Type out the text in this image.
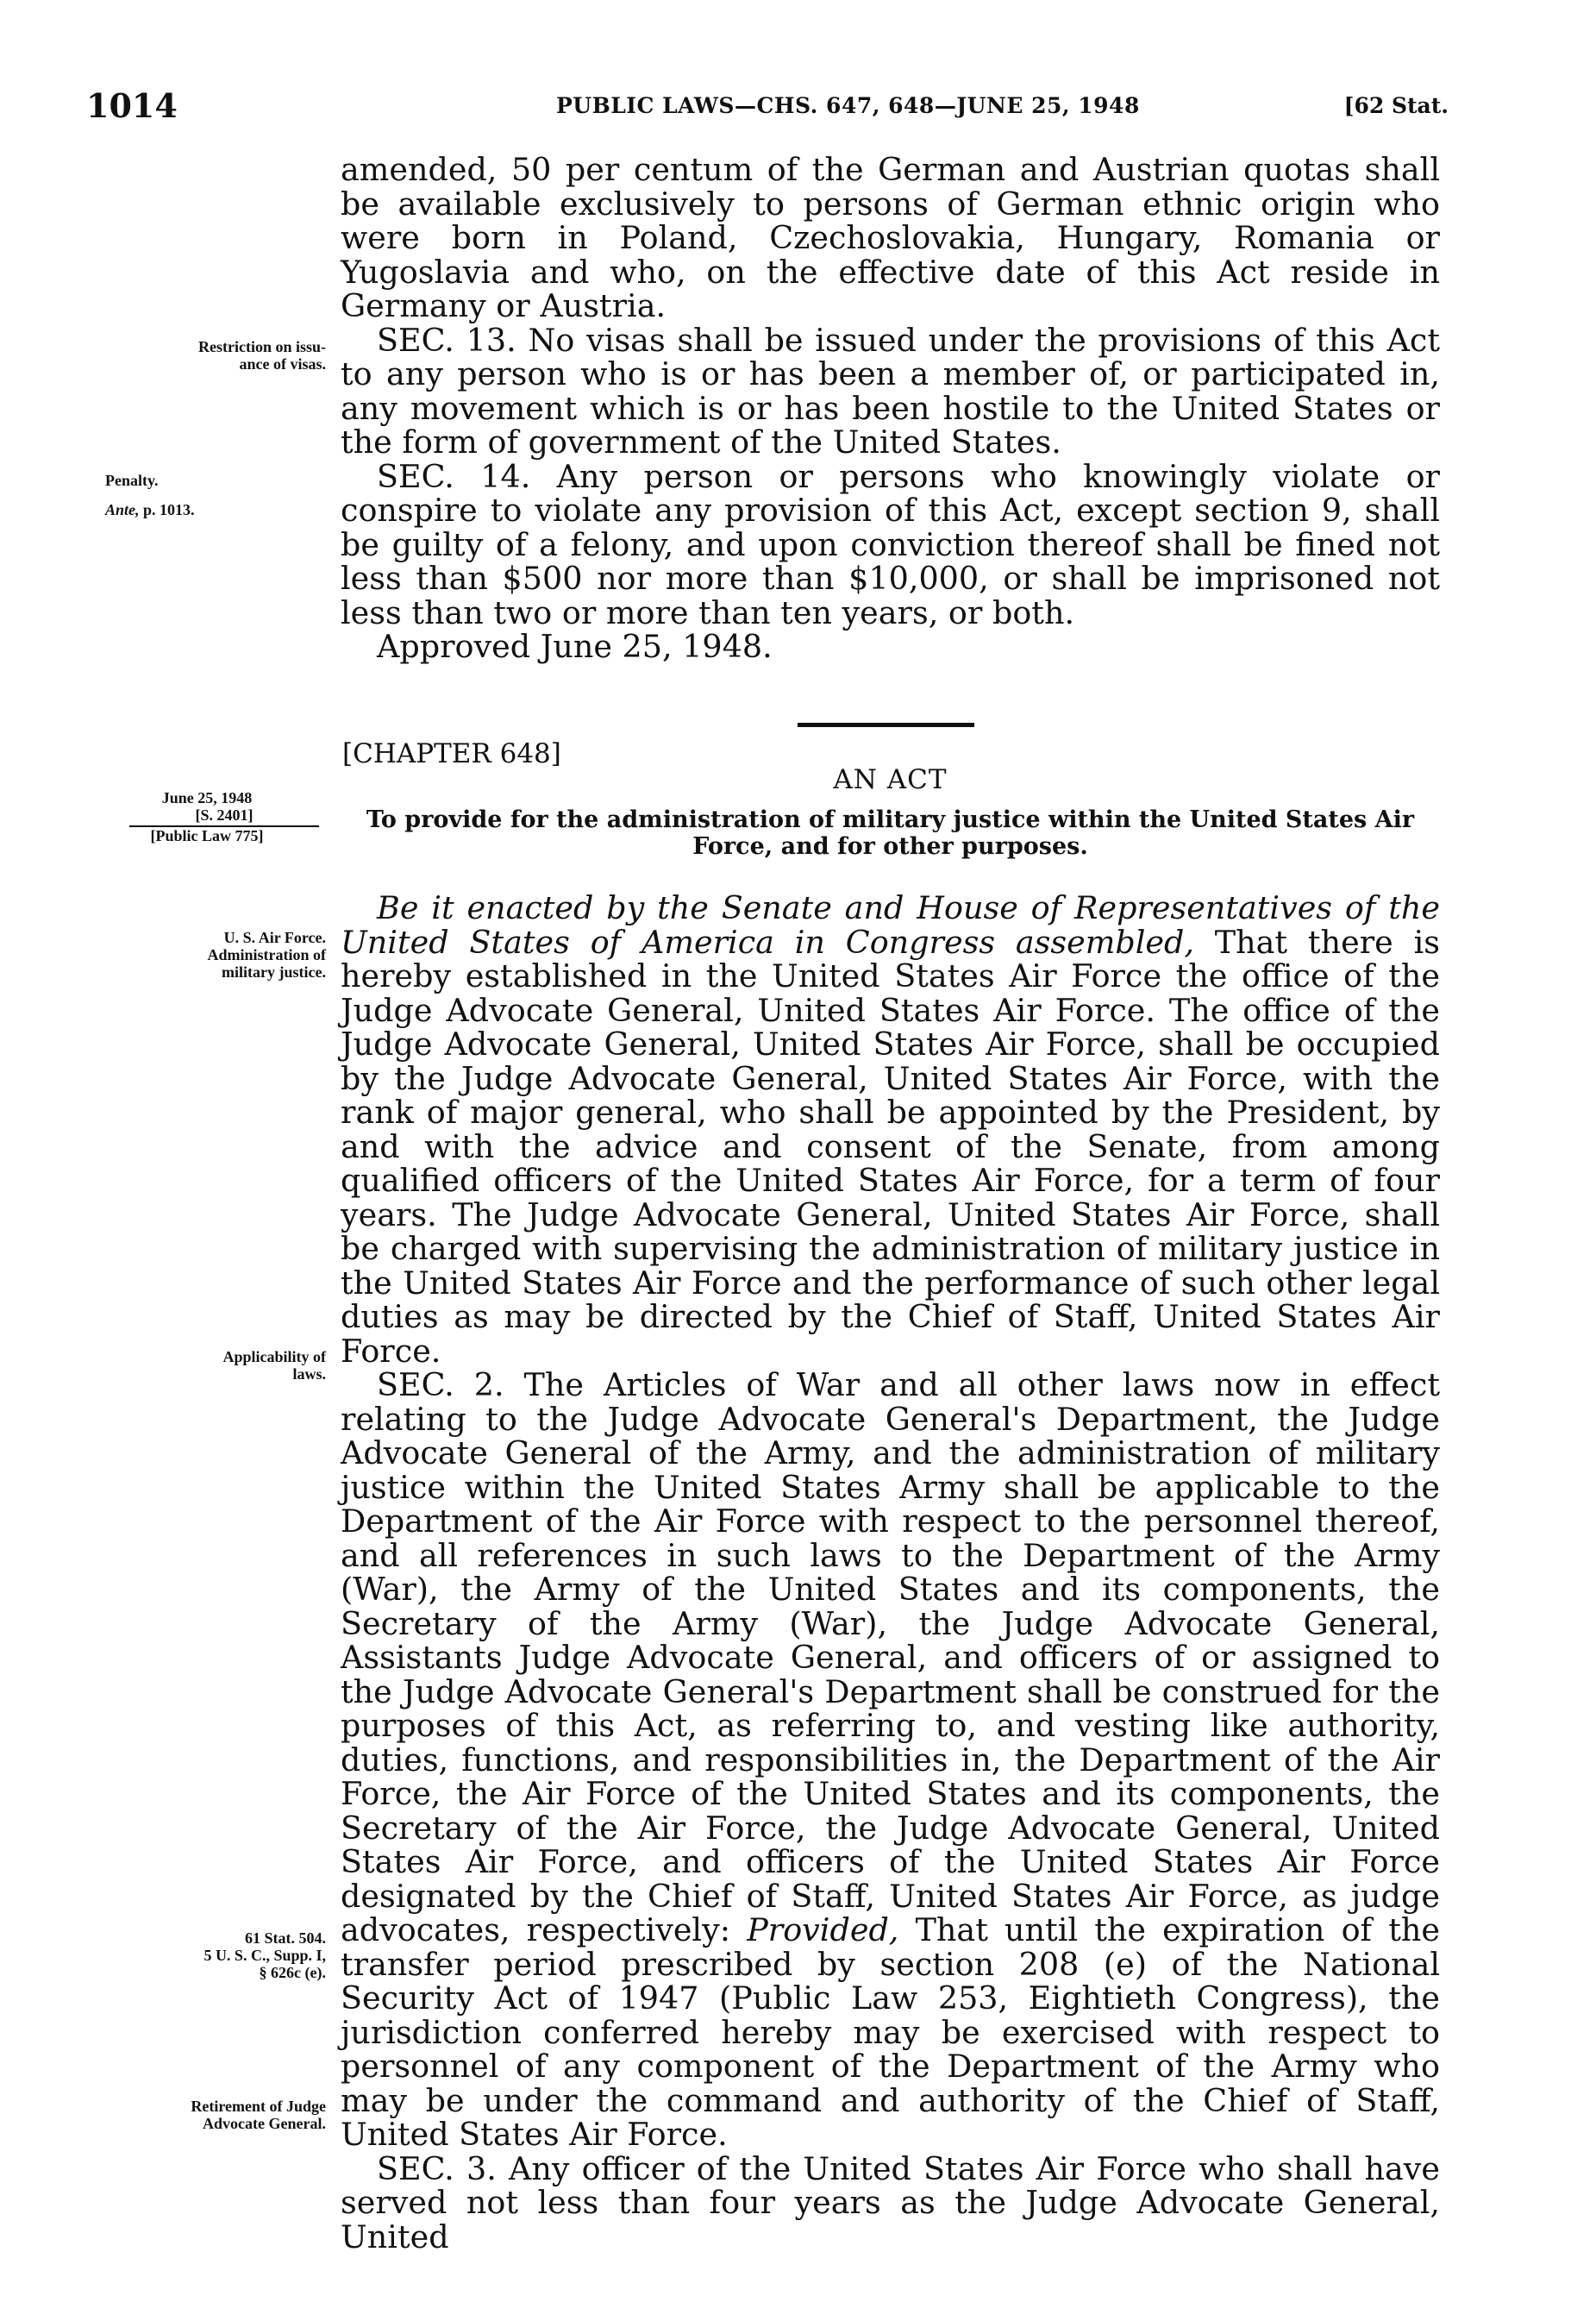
1014	PUBLIC LAWS—CHS. 647, 648—JUNE 25, 1948	[62 Stat.
Restriction on issu-
ance of visas.
Penalty.
Ante, p. 1013.
June 25, 1948
[S. 2401]
[Public Law 775]
U. S. Air Force.
Administration of
military justice.
Applicability of
laws.
61 Stat. 504.
5 U. S. C., Supp. I,
§ 626c (e).
Retirement of Judge
Advocate General.

amended, 50 per centum of the German and Austrian quotas shall be available exclusively to persons of German ethnic origin who were born in Poland, Czechoslovakia, Hungary, Romania or Yugoslavia and who, on the effective date of this Act reside in Germany or Austria.

SEC. 13. No visas shall be issued under the provisions of this Act to any person who is or has been a member of, or participated in, any movement which is or has been hostile to the United States or the form of government of the United States.

SEC. 14. Any person or persons who knowingly violate or conspire to violate any provision of this Act, except section 9, shall be guilty of a felony, and upon conviction thereof shall be fined not less than $500 nor more than $10,000, or shall be imprisoned not less than two or more than ten years, or both.

Approved June 25, 1948.

[CHAPTER 648]
AN ACT
To provide for the administration of military justice within the United States Air Force, and for other purposes.

Be it enacted by the Senate and House of Representatives of the United States of America in Congress assembled, That there is hereby established in the United States Air Force the office of the Judge Advocate General, United States Air Force. The office of the Judge Advocate General, United States Air Force, shall be occupied by the Judge Advocate General, United States Air Force, with the rank of major general, who shall be appointed by the President, by and with the advice and consent of the Senate, from among qualified officers of the United States Air Force, for a term of four years. The Judge Advocate General, United States Air Force, shall be charged with supervising the administration of military justice in the United States Air Force and the performance of such other legal duties as may be directed by the Chief of Staff, United States Air Force.

SEC. 2. The Articles of War and all other laws now in effect relating to the Judge Advocate General's Department, the Judge Advocate General of the Army, and the administration of military justice within the United States Army shall be applicable to the Department of the Air Force with respect to the personnel thereof, and all references in such laws to the Department of the Army (War), the Army of the United States and its components, the Secretary of the Army (War), the Judge Advocate General, Assistants Judge Advocate General, and officers of or assigned to the Judge Advocate General's Department shall be construed for the purposes of this Act, as referring to, and vesting like authority, duties, functions, and responsibilities in, the Department of the Air Force, the Air Force of the United States and its components, the Secretary of the Air Force, the Judge Advocate General, United States Air Force, and officers of the United States Air Force designated by the Chief of Staff, United States Air Force, as judge advocates, respectively: Provided, That until the expiration of the transfer period prescribed by section 208 (e) of the National Security Act of 1947 (Public Law 253, Eightieth Congress), the jurisdiction conferred hereby may be exercised with respect to personnel of any component of the Department of the Army who may be under the command and authority of the Chief of Staff, United States Air Force.

SEC. 3. Any officer of the United States Air Force who shall have served not less than four years as the Judge Advocate General, United
